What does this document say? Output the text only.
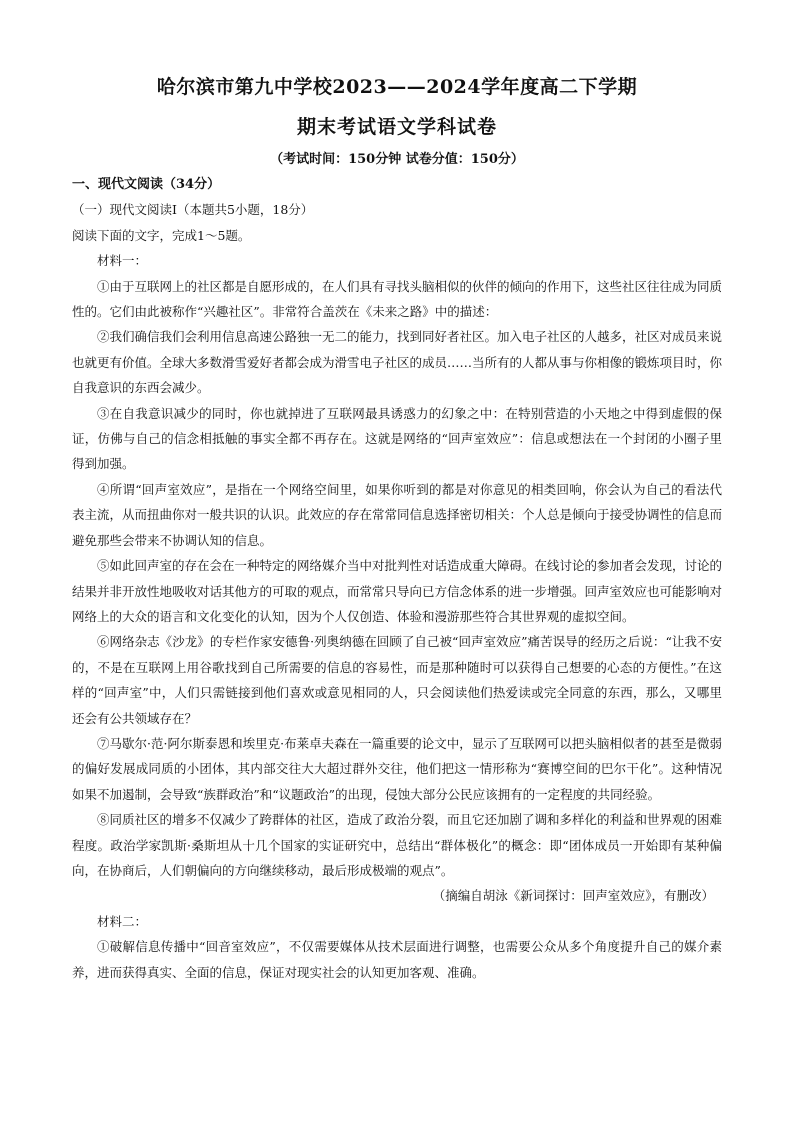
哈尔滨市第九中学校2023——2024学年度高二下学期
期末考试语文学科试卷
（考试时间：150分钟 试卷分值：150分）

一、现代文阅读（34分）

（一）现代文阅读Ⅰ（本题共5小题，18分）

阅读下面的文字，完成1～5题。

材料一：

①由于互联网上的社区都是自愿形成的，在人们具有寻找头脑相似的伙伴的倾向的作用下，这些社区往往成为同质性的。它们由此被称作“兴趣社区”。非常符合盖茨在《未来之路》中的描述：

②我们确信我们会利用信息高速公路独一无二的能力，找到同好者社区。加入电子社区的人越多，社区对成员来说也就更有价值。全球大多数滑雪爱好者都会成为滑雪电子社区的成员……当所有的人都从事与你相像的锻炼项目时，你自我意识的东西会减少。

③在自我意识减少的同时，你也就掉进了互联网最具诱惑力的幻象之中：在特别营造的小天地之中得到虚假的保证，仿佛与自己的信念相抵触的事实全都不再存在。这就是网络的“回声室效应”：信息或想法在一个封闭的小圈子里得到加强。

④所谓“回声室效应”，是指在一个网络空间里，如果你听到的都是对你意见的相类回响，你会认为自己的看法代表主流，从而扭曲你对一般共识的认识。此效应的存在常常同信息选择密切相关：个人总是倾向于接受协调性的信息而避免那些会带来不协调认知的信息。

⑤如此回声室的存在会在一种特定的网络媒介当中对批判性对话造成重大障碍。在线讨论的参加者会发现，讨论的结果并非开放性地吸收对话其他方的可取的观点，而常常只导向已方信念体系的进一步增强。回声室效应也可能影响对网络上的大众的语言和文化变化的认知，因为个人仅创造、体验和漫游那些符合其世界观的虚拟空间。

⑥网络杂志《沙龙》的专栏作家安德鲁·列奥纳德在回顾了自己被“回声室效应”痛苦误导的经历之后说：“让我不安的，不是在互联网上用谷歌找到自己所需要的信息的容易性，而是那种随时可以获得自己想要的心态的方便性。”在这样的“回声室”中，人们只需链接到他们喜欢或意见相同的人，只会阅读他们热爱读或完全同意的东西，那么，又哪里还会有公共领域存在？

⑦马歇尔·范·阿尔斯泰恩和埃里克·布莱卓夫森在一篇重要的论文中，显示了互联网可以把头脑相似者的甚至是微弱的偏好发展成同质的小团体，其内部交往大大超过群外交往，他们把这一情形称为“赛博空间的巴尔干化”。这种情况如果不加遏制，会导致“族群政治”和“议题政治”的出现，侵蚀大部分公民应该拥有的一定程度的共同经验。

⑧同质社区的增多不仅减少了跨群体的社区，造成了政治分裂，而且它还加剧了调和多样化的利益和世界观的困难程度。政治学家凯斯·桑斯坦从十几个国家的实证研究中，总结出“群体极化”的概念：即“团体成员一开始即有某种偏向，在协商后，人们朝偏向的方向继续移动，最后形成极端的观点”。

（摘编自胡泳《新词探讨：回声室效应》，有删改）

材料二：

①破解信息传播中“回音室效应”，不仅需要媒体从技术层面进行调整，也需要公众从多个角度提升自己的媒介素养，进而获得真实、全面的信息，保证对现实社会的认知更加客观、准确。
